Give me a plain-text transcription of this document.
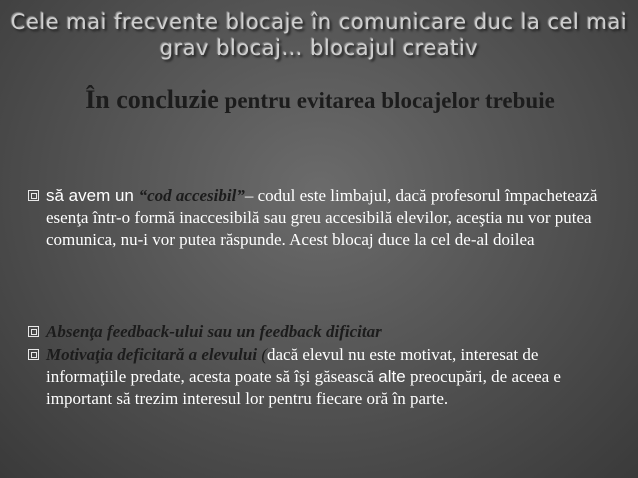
Cele mai frecvente blocaje în comunicare duc la cel mai grav blocaj… blocajul creativ
În concluzie pentru evitarea blocajelor trebuie
să avem un “cod accesibil”– codul este limbajul, dacă profesorul împachetează esenţa într-o formă inaccesibilă sau greu accesibilă elevilor, aceştia nu vor putea comunica, nu-i vor putea răspunde. Acest blocaj duce la cel de-al doilea
Absenţa feedback-ului sau un feedback dificitar
Motivaţia deficitară a elevului (dacă elevul nu este motivat, interesat de informaţiile predate, acesta poate să îşi găsească alte preocupări, de aceea e important să trezim interesul lor pentru fiecare oră în parte.
